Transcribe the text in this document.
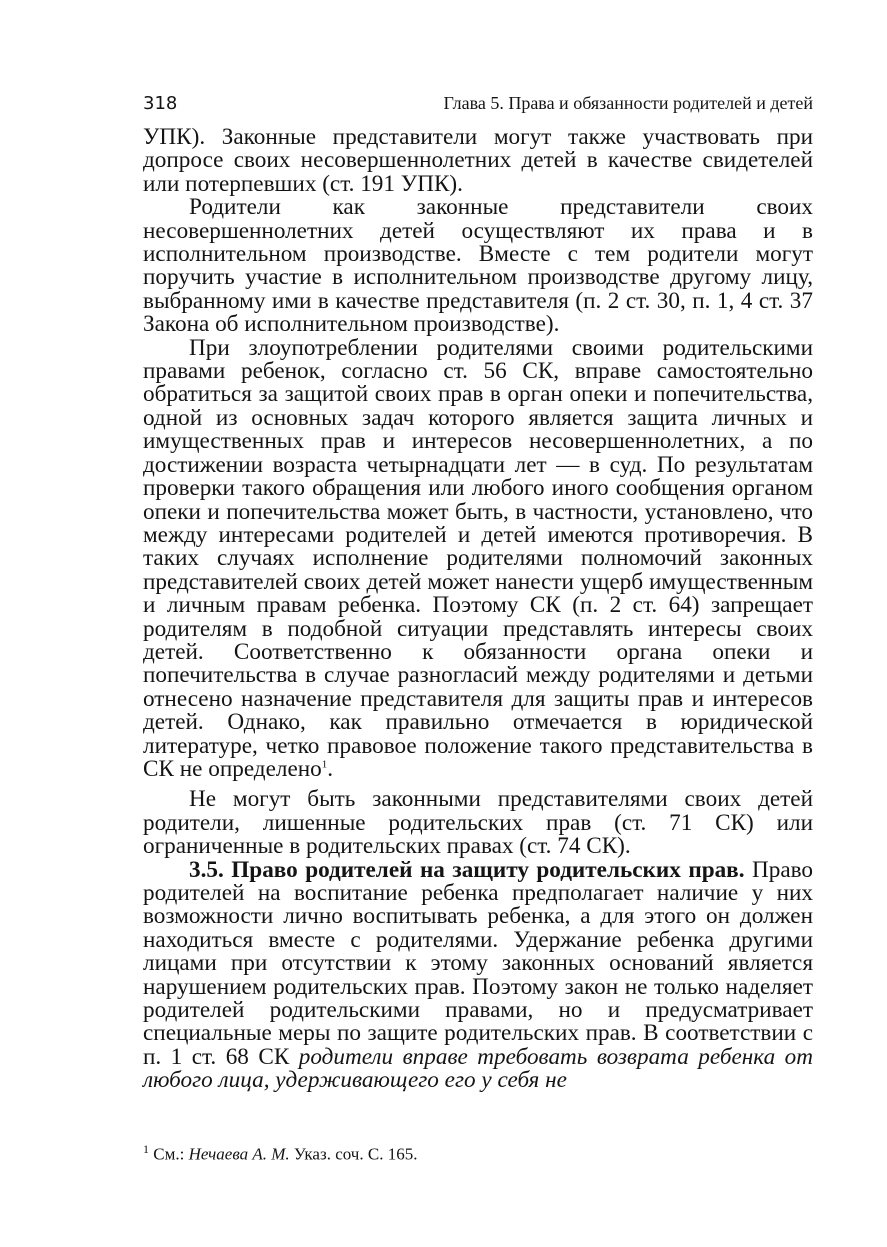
318	Глава 5. Права и обязанности родителей и детей

УПК). Законные представители могут также участвовать при допросе своих несовершеннолетних детей в качестве свидетелей или потерпевших (ст. 191 УПК).

Родители как законные представители своих несовершеннолетних детей осуществляют их права и в исполнительном производстве. Вместе с тем родители могут поручить участие в исполнительном производстве другому лицу, выбранному ими в качестве представителя (п. 2 ст. 30, п. 1, 4 ст. 37 Закона об исполнительном производстве).

При злоупотреблении родителями своими родительскими правами ребенок, согласно ст. 56 СК, вправе самостоятельно обратиться за защитой своих прав в орган опеки и попечительства, одной из основных задач которого является защита личных и имущественных прав и интересов несовершеннолетних, а по достижении возраста четырнадцати лет — в суд. По результатам проверки такого обращения или любого иного сообщения органом опеки и попечительства может быть, в частности, установлено, что между интересами родителей и детей имеются противоречия. В таких случаях исполнение родителями полномочий законных представителей своих детей может нанести ущерб имущественным и личным правам ребенка. Поэтому СК (п. 2 ст. 64) запрещает родителям в подобной ситуации представлять интересы своих детей. Соответственно к обязанности органа опеки и попечительства в случае разногласий между родителями и детьми отнесено назначение представителя для защиты прав и интересов детей. Однако, как правильно отмечается в юридической литературе, четко правовое положение такого представительства в СК не определено$^1$.

Не могут быть законными представителями своих детей родители, лишенные родительских прав (ст. 71 СК) или ограниченные в родительских правах (ст. 74 СК).

3.5. Право родителей на защиту родительских прав. Право родителей на воспитание ребенка предполагает наличие у них возможности лично воспитывать ребенка, а для этого он должен находиться вместе с родителями. Удержание ребенка другими лицами при отсутствии к этому законных оснований является нарушением родительских прав. Поэтому закон не только наделяет родителей родительскими правами, но и предусматривает специальные меры по защите родительских прав. В соответствии с п. 1 ст. 68 СК родители вправе требовать возврата ребенка от любого лица, удерживающего его у себя не

$^1$ См.: Нечаева А. М. Указ. соч. С. 165.
